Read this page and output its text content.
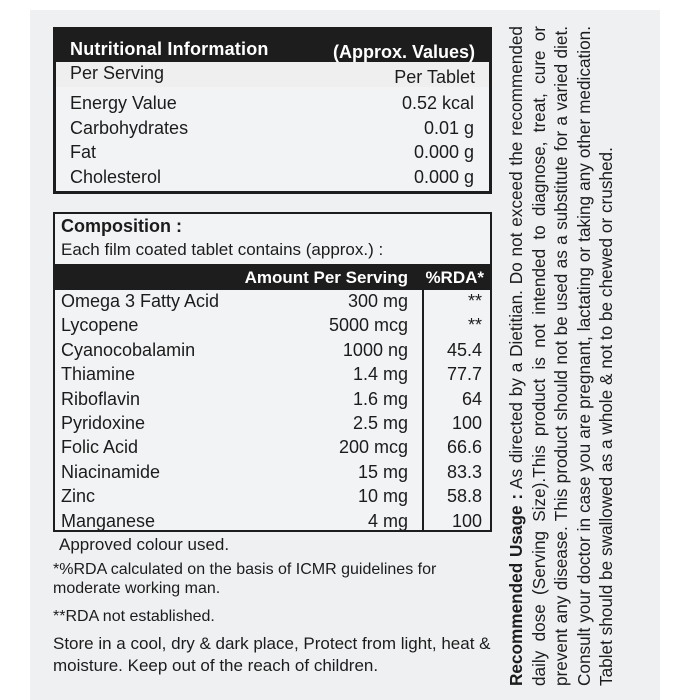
Nutritional Information	(Approx. Values)
Per Serving	Per Tablet
Energy Value	0.52 kcal
Carbohydrates	0.01 g
Fat	0.000 g
Cholesterol	0.000 g
Composition :
Each film coated tablet contains (approx.) :
Amount Per Serving %RDA*
Omega 3 Fatty Acid	300 mg	**
Lycopene	5000 mcg	**
Cyanocobalamin	1000 ng 45.4
Thiamine	1.4 mg 77.7
Riboflavin	1.6 mg	64
Pyridoxine	2.5 mg 100
Folic Acid	200 mcg 66.6
Niacinamide	15 mg 83.3
Zinc	10 mg 58.8
Manganese	4 mg 100
Approved colour used.
*%RDA calculated on the basis of ICMR guidelines for moderate working man.
**RDA not established.
Store in a cool, dry & dark place, Protect from light, heat & moisture. Keep out of the reach of children.	Recommended Usage : As directed by a Dietitian. Do not exceed the recommended daily dose (Serving Size).This product is not intended to diagnose, treat, cure or prevent any disease. This product should not be used as a substitute for a varied diet. Consult your doctor in case you are pregnant, lactating or taking any other medication. Tablet should be swallowed as a whole & not to be chewed or crushed.
